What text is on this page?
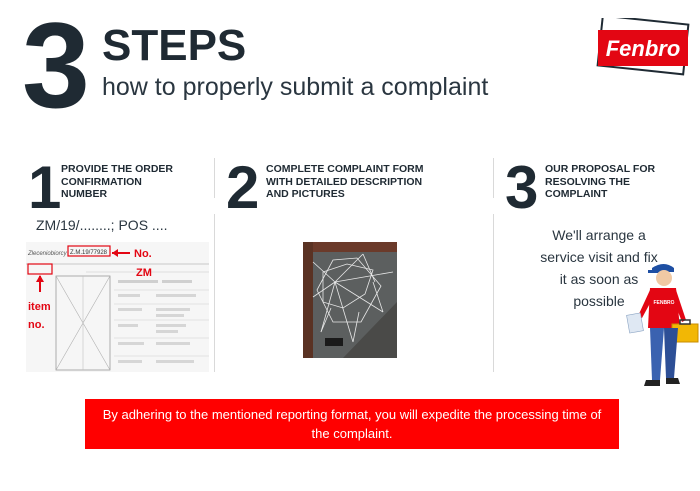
3 STEPS
how to properly submit a complaint
Fenbro
1 PROVIDE THE ORDER
CONFIRMATION
NUMBER	2 COMPLETE COMPLAINT FORM
WITH DETAILED DESCRIPTION
AND PICTURES	3 OUR PROPOSAL FOR
RESOLVING THE
COMPLAINT
ZM/19/........; POS ....
Z.M.19/77928
Zleceniobiorcy	No.
ZM
item
no.
We'll arrange a service visit and fix it as soon as possible	FENBRO
By adhering to the mentioned reporting format, you will expedite the processing time of the complaint.
